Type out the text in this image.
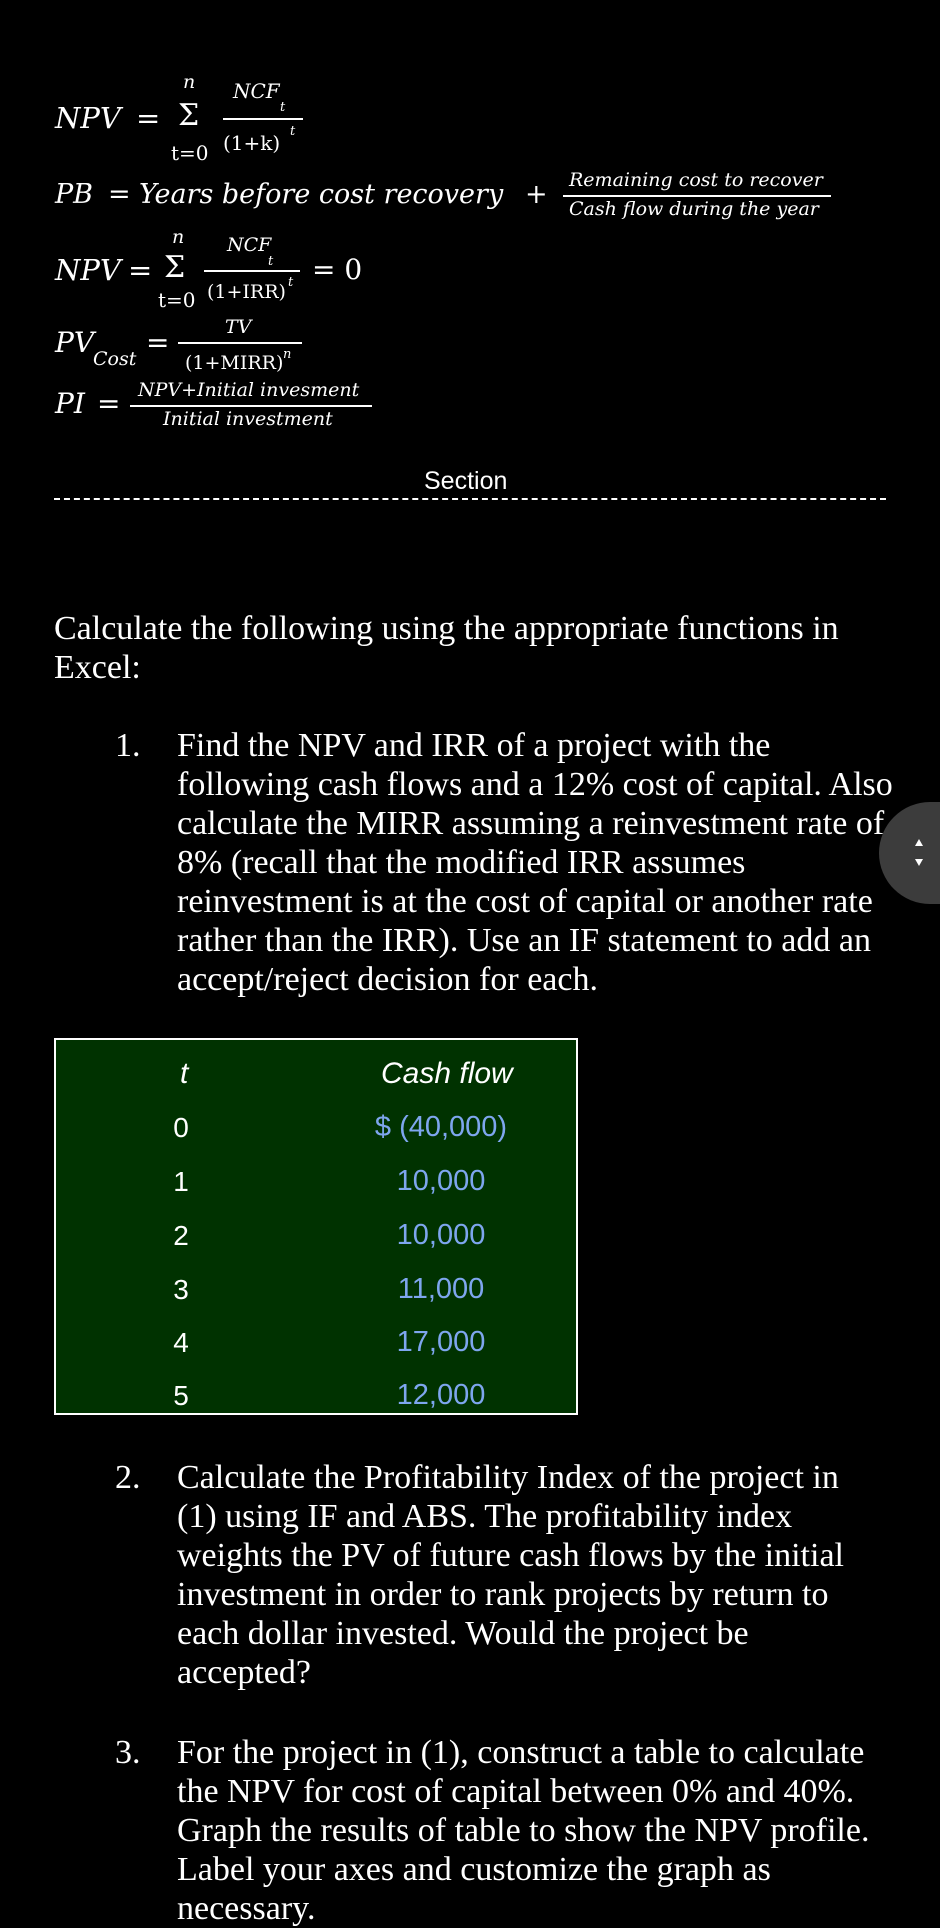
n
NPV = Σ
t=0
NCF
t
(1+k) t
PB = Years before cost recovery + Remaining cost to recover
Cash flow during the year
n
NPV = Σ
t=0
NCF
t
(1+IRR) t = 0
PV
Cost =	TV
(1+MIRR) n
PI = NPV+Initial invesment
Initial investment
Section
Calculate the following using the appropriate functions in Excel:
1. Find the NPV and IRR of a project with the following cash flows and a 12% cost of capital. Also calculate the MIRR assuming a reinvestment rate of 8% (recall that the modified IRR assumes reinvestment is at the cost of capital or another rate rather than the IRR). Use an IF statement to add an accept/reject decision for each.
t	Cash flow
0	$ (40,000)
1	10,000
2	10,000
3	11,000
4	17,000
5	12,000
2. Calculate the Profitability Index of the project in (1) using IF and ABS. The profitability index weights the PV of future cash flows by the initial investment in order to rank projects by return to each dollar invested. Would the project be accepted?
3. For the project in (1), construct a table to calculate the NPV for cost of capital between 0% and 40%. Graph the results of table to show the NPV profile. Label your axes and customize the graph as necessary.
